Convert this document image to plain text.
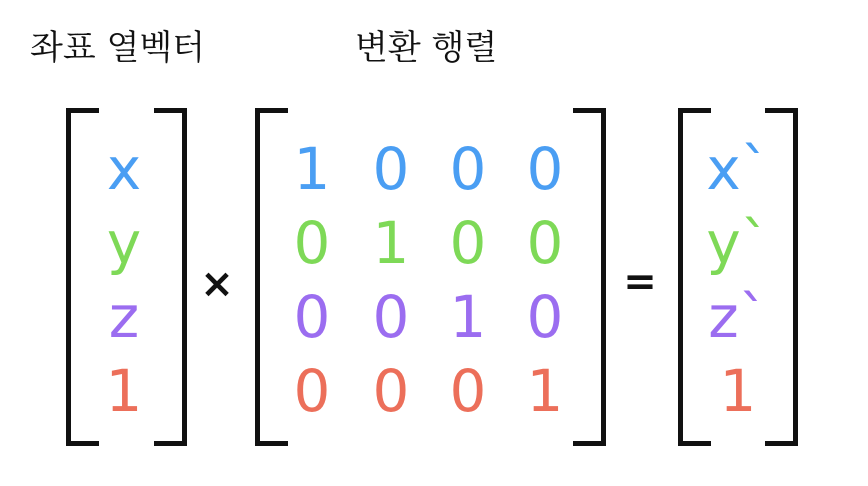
좌표 열벡터	변환 행렬
×	=
x
y
z
1
1 0 0 0
0 1 0 0
0 0 1 0
0 0 0 1
x`
y`
z`
1
